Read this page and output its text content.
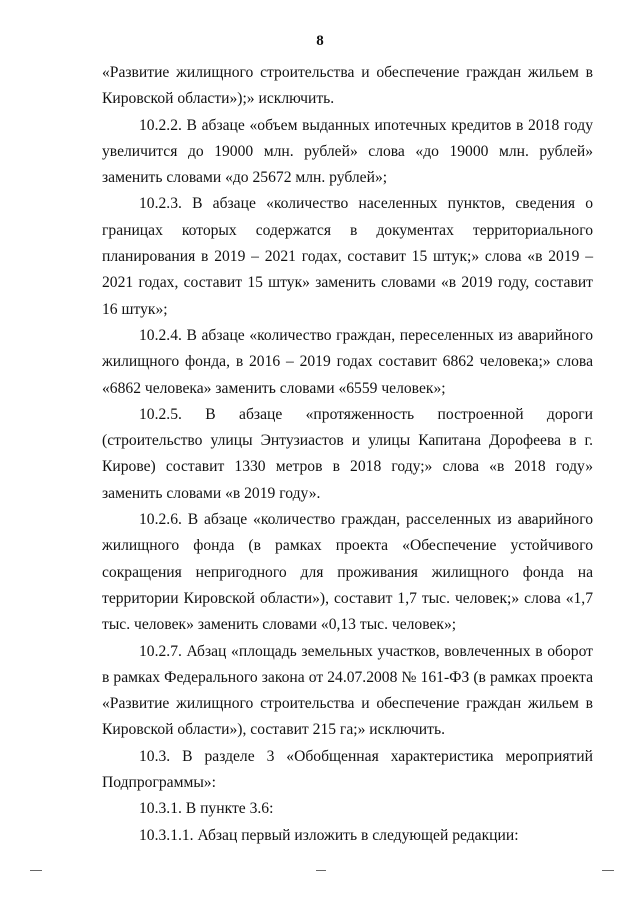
8

«Развитие жилищного строительства и обеспечение граждан жильем в Кировской области»);» исключить.

10.2.2. В абзаце «объем выданных ипотечных кредитов в 2018 году увеличится до 19000 млн. рублей» слова «до 19000 млн. рублей» заменить словами «до 25672 млн. рублей»;

10.2.3. В абзаце «количество населенных пунктов, сведения о границах которых содержатся в документах территориального планирования в 2019 – 2021 годах, составит 15 штук;» слова «в 2019 – 2021 годах, составит 15 штук» заменить словами «в 2019 году, составит 16 штук»;

10.2.4. В абзаце «количество граждан, переселенных из аварийного жилищного фонда, в 2016 – 2019 годах составит 6862 человека;» слова «6862 человека» заменить словами «6559 человек»;

10.2.5. В абзаце «протяженность построенной дороги (строительство улицы Энтузиастов и улицы Капитана Дорофеева в г. Кирове) составит 1330 метров в 2018 году;» слова «в 2018 году» заменить словами «в 2019 году».

10.2.6. В абзаце «количество граждан, расселенных из аварийного жилищного фонда (в рамках проекта «Обеспечение устойчивого сокращения непригодного для проживания жилищного фонда на территории Кировской области»), составит 1,7 тыс. человек;» слова «1,7 тыс. человек» заменить словами «0,13 тыс. человек»;

10.2.7. Абзац «площадь земельных участков, вовлеченных в оборот в рамках Федерального закона от 24.07.2008 № 161-ФЗ (в рамках проекта «Развитие жилищного строительства и обеспечение граждан жильем в Кировской области»), составит 215 га;» исключить.

10.3. В разделе 3 «Обобщенная характеристика мероприятий Подпрограммы»:

10.3.1. В пункте 3.6:

10.3.1.1. Абзац первый изложить в следующей редакции:
